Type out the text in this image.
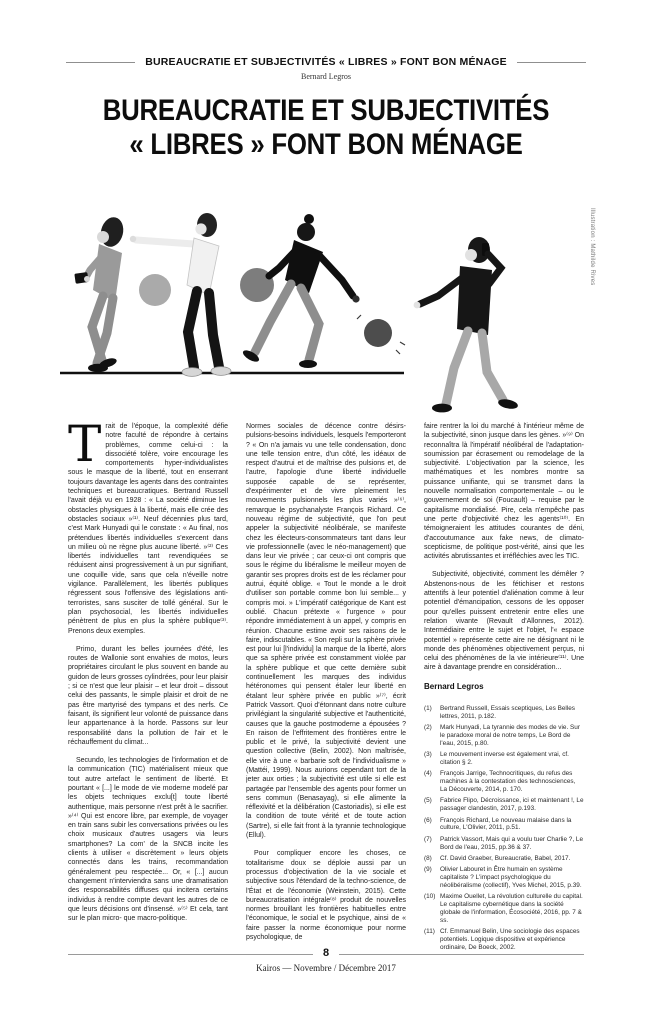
BUREAUCRATIE ET SUBJECTIVITÉS « LIBRES » FONT BON MÉNAGE
Bernard Legros
BUREAUCRATIE ET SUBJECTIVITÉS
« LIBRES » FONT BON MÉNAGE
Illustration : Mathilde Rives

Trait de l'époque, la complexité défie notre faculté de répondre à certains problèmes, comme celui-ci : la dissociété tolère, voire encourage les comportements hyper-individualistes sous le masque de la liberté, tout en enserrant toujours davantage les agents dans des contraintes techniques et bureaucratiques. Bertrand Russell l'avait déjà vu en 1928 : « La société diminue les obstacles physiques à la liberté, mais elle crée des obstacles sociaux »⁽¹⁾. Neuf décennies plus tard, c'est Mark Hunyadi qui le constate : « Au final, nos prétendues libertés individuelles s'exercent dans un milieu où ne règne plus aucune liberté. »⁽²⁾ Ces libertés individuelles tant revendiquées se réduisent ainsi progressivement à un pur signifiant, une coquille vide, sans que cela n'éveille notre vigilance. Parallèlement, les libertés publiques régressent sous l'offensive des législations anti-terroristes, sans susciter de tollé général. Sur le plan psychosocial, les libertés individuelles pénètrent de plus en plus la sphère publique⁽³⁾. Prenons deux exemples.

Primo, durant les belles journées d'été, les routes de Wallonie sont envahies de motos, leurs propriétaires circulant le plus souvent en bande au guidon de leurs grosses cylindrées, pour leur plaisir ; si ce n'est que leur plaisir – et leur droit – dissout celui des passants, le simple plaisir et droit de ne pas être martyrisé des tympans et des nerfs. Ce faisant, ils signifient leur volonté de puissance dans leur appartenance à la horde. Passons sur leur responsabilité dans la pollution de l'air et le réchauffement du climat...

Secundo, les technologies de l'information et de la communication (TIC) matérialisent mieux que tout autre artefact le sentiment de liberté. Et pourtant « [...] le mode de vie moderne modelé par les objets techniques exclu[t] toute liberté authentique, mais personne n'est prêt à le sacrifier. »⁽⁴⁾ Qui est encore libre, par exemple, de voyager en train sans subir les conversations privées ou les choix musicaux d'autres usagers via leurs smartphones? La com' de la SNCB incite les clients à utiliser « discrètement » leurs objets connectés dans les trains, recommandation généralement peu respectée... Or, « [...] aucun changement n'interviendra sans une dramatisation des responsabilités diffuses qui incitera certains individus à rendre compte devant les autres de ce que leurs décisions ont d'insensé. »⁽⁵⁾ Et cela, tant sur le plan micro- que macro-politique.

Normes sociales de décence contre désirs-pulsions-besoins individuels, lesquels l'emporteront ? « On n'a jamais vu une telle condensation, donc une telle tension entre, d'un côté, les idéaux de respect d'autrui et de maîtrise des pulsions et, de l'autre, l'apologie d'une liberté individuelle supposée capable de se représenter, d'expérimenter et de vivre pleinement les mouvements pulsionnels les plus variés »⁽⁶⁾, remarque le psychanalyste François Richard. Ce nouveau régime de subjectivité, que l'on peut appeler la subjectivité néolibérale, se manifeste chez les électeurs-consommateurs tant dans leur vie professionnelle (avec le néo-management) que dans leur vie privée ; car ceux-ci ont compris que sous le régime du libéralisme le meilleur moyen de garantir ses propres droits est de les réclamer pour autrui, équité oblige. « Tout le monde a le droit d'utiliser son portable comme bon lui semble... y compris moi. » L'impératif catégorique de Kant est oublié. Chacun prétexte « l'urgence » pour répondre immédiatement à un appel, y compris en réunion. Chacune estime avoir ses raisons de le faire, indiscutables. « Son repli sur la sphère privée est pour lui [l'individu] la marque de la liberté, alors que sa sphère privée est constamment violée par la sphère publique et que cette dernière subit continuellement les marques des individus hétéronomes qui pensent étaler leur liberté en étalant leur sphère privée en public »⁽⁷⁾, écrit Patrick Vassort. Quoi d'étonnant dans notre culture privilégiant la singularité subjective et l'authenticité, causes que la gauche postmoderne a épousées ? En raison de l'effritement des frontières entre le public et le privé, la subjectivité devient une question collective (Belin, 2002). Non maîtrisée, elle vire à une « barbarie soft de l'individualisme » (Mattéi, 1999). Nous aurions cependant tort de la jeter aux orties ; la subjectivité est utile si elle est partagée par l'ensemble des agents pour former un sens commun (Benasayag), si elle alimente la réflexivité et la délibération (Castoriadis), si elle est la condition de toute vérité et de toute action (Sartre), si elle fait front à la tyrannie technologique (Ellul).

Pour compliquer encore les choses, ce totalitarisme doux se déploie aussi par un processus d'objectivation de la vie sociale et subjective sous l'étendard de la techno-science, de l'État et de l'économie (Weinstein, 2015). Cette bureaucratisation intégrale⁽⁸⁾ produit de nouvelles normes brouillant les frontières habituelles entre l'économique, le social et le psychique, ainsi de « faire passer la norme économique pour norme psychologique, de

faire rentrer la loi du marché à l'intérieur même de la subjectivité, sinon jusque dans les gènes. »⁽⁹⁾ On reconnaîtra là l'impératif néolibéral de l'adaptation-soumission par écrasement ou remodelage de la subjectivité. L'objectivation par la science, les mathématiques et les nombres montre sa puissance unifiante, qui se transmet dans la nouvelle normalisation comportementale – ou le gouvernement de soi (Foucault) – requise par le capitalisme mondialisé. Pire, cela n'empêche pas une perte d'objectivité chez les agents⁽¹⁰⁾. En témoigneraient les attitudes courantes de déni, d'accoutumance aux fake news, de climato-scepticisme, de politique post-vérité, ainsi que les activités abrutissantes et irréfléchies avec les TIC.

Subjectivité, objectivité, comment les démêler ? Abstenons-nous de les fétichiser et restons attentifs à leur potentiel d'aliénation comme à leur potentiel d'émancipation, cessons de les opposer pour qu'elles puissent entretenir entre elles une relation vivante (Revault d'Allonnes, 2012). Intermédiaire entre le sujet et l'objet, l'« espace potentiel » représente cette aire ne désignant ni le monde des phénomènes objectivement perçus, ni celui des phénomènes de la vie intérieure⁽¹¹⁾. Une aire à davantage prendre en considération...

Bernard Legros
(1)	Bertrand Russell, Essais sceptiques, Les Belles lettres, 2011, p.182.
(2)	Mark Hunyadi, La tyrannie des modes de vie. Sur le paradoxe moral de notre temps, Le Bord de l'eau, 2015, p.80.
(3)	Le mouvement inverse est également vrai, cf. citation § 2.
(4)	François Jarrige, Technocritiques, du refus des machines à la contestation des technosciences, La Découverte, 2014, p. 170.
(5)	Fabrice Flipo, Décroissance, ici et maintenant !, Le passager clandestin, 2017, p.193.
(6)	François Richard, Le nouveau malaise dans la culture, L'Olivier, 2011, p.51.
(7)	Patrick Vassort, Mais qui a voulu tuer Charlie ?, Le Bord de l'eau, 2015, pp.36 & 37.
(8)	Cf. David Graeber, Bureaucratie, Babel, 2017.
(9)	Olivier Labouret in Être humain en système capitaliste ? L'impact psychologique du néolibéralisme (collectif), Yves Michel, 2015, p.39.
(10) Maxime Ouellet, La révolution culturelle du capital. Le capitalisme cybernétique dans la société globale de l'information, Écosociété, 2016, pp. 7 & ss.
(11) Cf. Emmanuel Belin, Une sociologie des espaces potentiels. Logique dispositive et expérience ordinaire, De Boeck, 2002.
8
Kairos — Novembre / Décembre 2017
